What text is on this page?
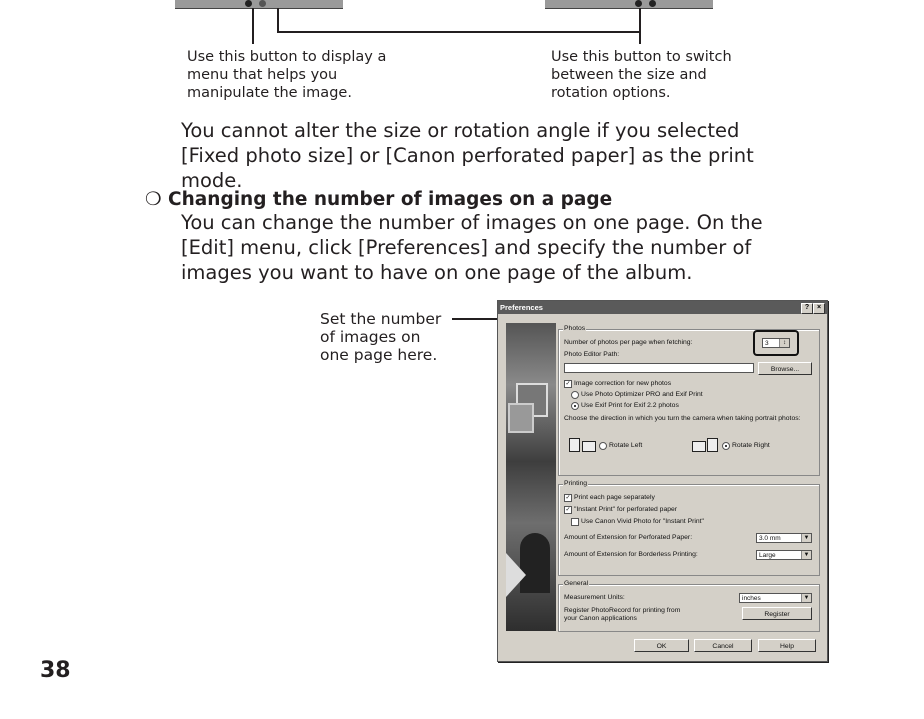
Use this button to display a
menu that helps you
manipulate the image.
Use this button to switch
between the size and
rotation options.
You cannot alter the size or rotation angle if you selected [Fixed photo size] or [Canon perforated paper] as the print mode.
❍ Changing the number of images on a page
You can change the number of images on one page. On the [Edit] menu, click [Preferences] and specify the number of images you want to have on one page of the album.
Set the number
of images on
one page here.
38
Preferences	?	×
Photos
Number of photos per page when fetching:	3	↕
Photo Editor Path:
Browse...
✓ Image correction for new photos
Use Photo Optimizer PRO and Exif Print
Use Exif Print for Exif 2.2 photos
Choose the direction in which you turn the camera when taking portrait photos:
Rotate Left	Rotate Right
Printing
✓ Print each page separately
✓ "Instant Print" for perforated paper
Use Canon Vivid Photo for "Instant Print"
Amount of Extension for Perforated Paper:	3.0 mm	▼
Amount of Extension for Borderless Printing:	Large	▼
General
Measurement Units:	inches	▼
Register PhotoRecord for printing from your Canon applications
Register
OK	Cancel	Help
